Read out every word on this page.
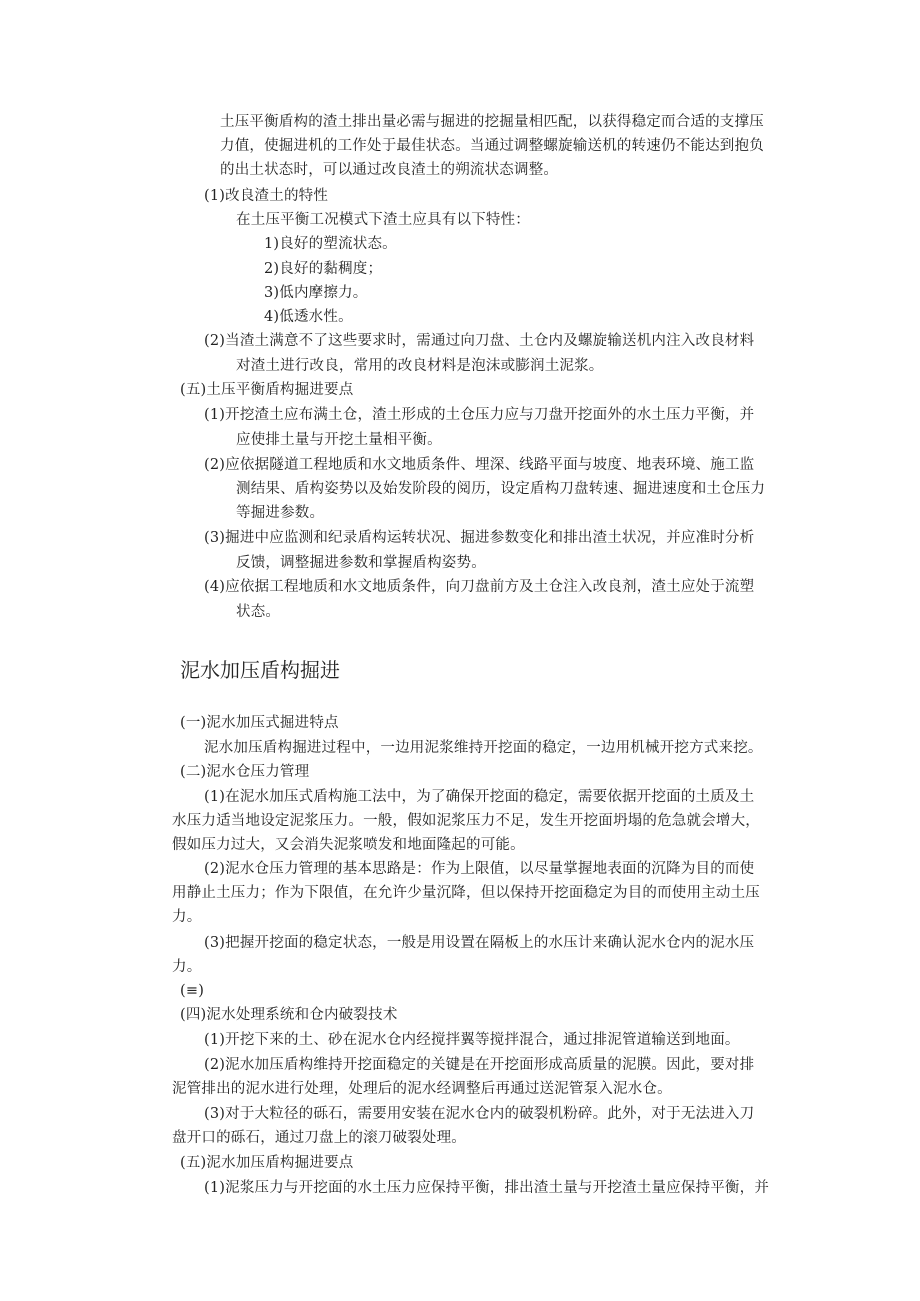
土压平衡盾构的渣土排出量必需与掘进的挖掘量相匹配，以获得稳定而合适的支撑压
力值，使掘进机的工作处于最佳状态。当通过调整螺旋输送机的转速仍不能达到抱负
的出土状态时，可以通过改良渣土的朔流状态调整。
(1)改良渣土的特性
在土压平衡工况模式下渣土应具有以下特性：
1)良好的塑流状态。
2)良好的黏稠度；
3)低内摩擦力。
4)低透水性。
(2)当渣土满意不了这些要求时，需通过向刀盘、土仓内及螺旋输送机内注入改良材料
对渣土进行改良，常用的改良材料是泡沫或膨润土泥浆。
(五)土压平衡盾构掘进要点
(1)开挖渣土应布满土仓，渣土形成的土仓压力应与刀盘开挖面外的水土压力平衡，并
应使排土量与开挖土量相平衡。
(2)应依据隧道工程地质和水文地质条件、埋深、线路平面与坡度、地表环境、施工监
测结果、盾构姿势以及始发阶段的阅历，设定盾构刀盘转速、掘进速度和土仓压力
等掘进参数。
(3)掘进中应监测和纪录盾构运转状况、掘进参数变化和排出渣土状况，并应准时分析
反馈，调整掘进参数和掌握盾构姿势。
(4)应依据工程地质和水文地质条件，向刀盘前方及土仓注入改良剂，渣土应处于流塑
状态。
泥水加压盾构掘进
(一)泥水加压式掘进特点
泥水加压盾构掘进过程中，一边用泥浆维持开挖面的稳定，一边用机械开挖方式来挖。
(二)泥水仓压力管理
(1)在泥水加压式盾构施工法中，为了确保开挖面的稳定，需要依据开挖面的土质及土
水压力适当地设定泥浆压力。一般，假如泥浆压力不足，发生开挖面坍塌的危急就会增大，
假如压力过大，又会消失泥浆喷发和地面隆起的可能。
(2)泥水仓压力管理的基本思路是：作为上限值，以尽量掌握地表面的沉降为目的而使
用静止土压力；作为下限值，在允许少量沉降，但以保持开挖面稳定为目的而使用主动土压
力。
(3)把握开挖面的稳定状态，一般是用设置在隔板上的水压计来确认泥水仓内的泥水压
力。
(≡)
(四)泥水处理系统和仓内破裂技术
(1)开挖下来的土、砂在泥水仓内经搅拌翼等搅拌混合，通过排泥管道输送到地面。
(2)泥水加压盾构维持开挖面稳定的关键是在开挖面形成高质量的泥膜。因此，要对排
泥管排出的泥水进行处理，处理后的泥水经调整后再通过送泥管泵入泥水仓。
(3)对于大粒径的砾石，需要用安装在泥水仓内的破裂机粉碎。此外，对于无法进入刀
盘开口的砾石，通过刀盘上的滚刀破裂处理。
(五)泥水加压盾构掘进要点
(1)泥浆压力与开挖面的水土压力应保持平衡，排出渣土量与开挖渣土量应保持平衡，并
